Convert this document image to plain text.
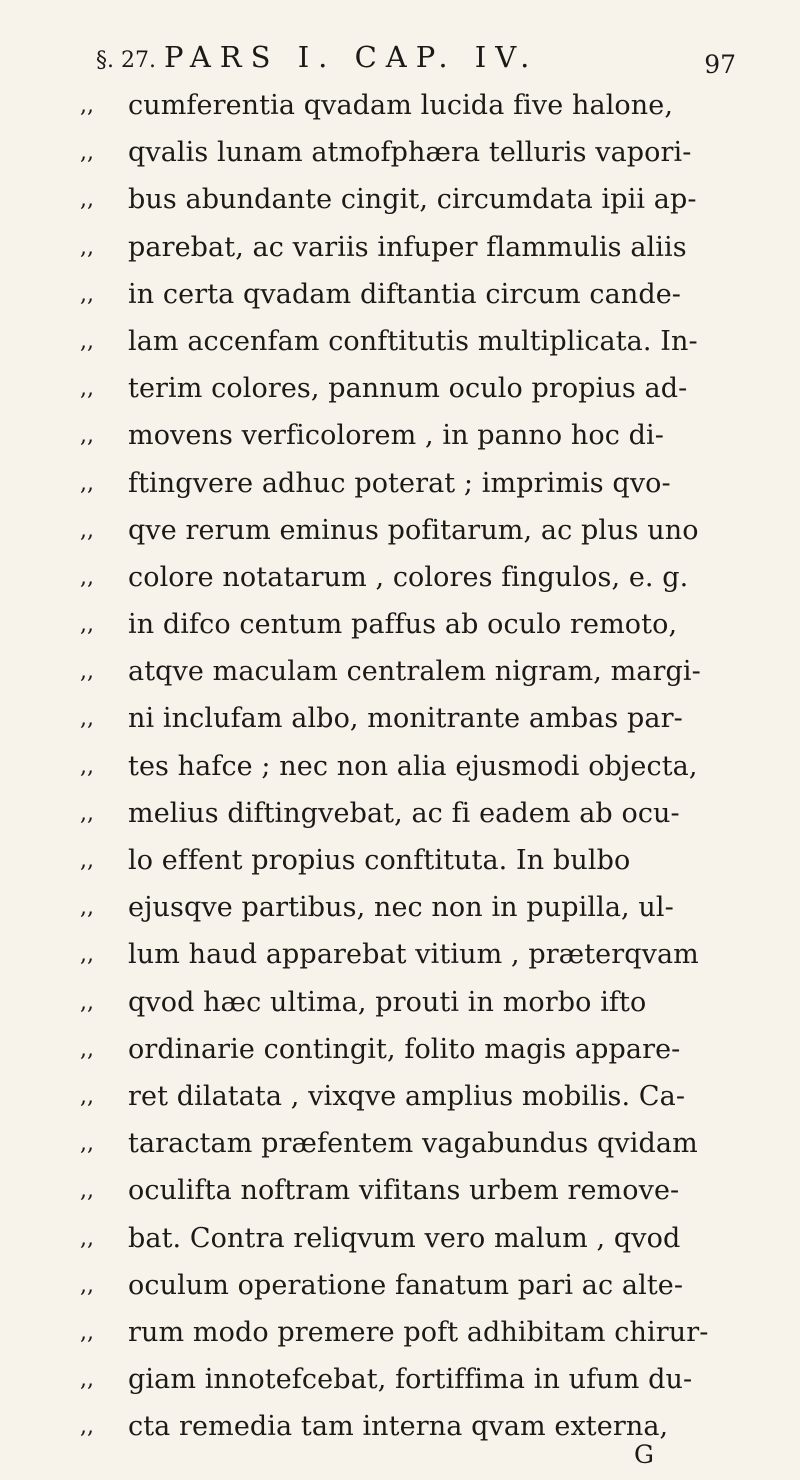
§. 27. PARS I. CAP. IV.	97
,, cumferentia qvadam lucida five halone,
,, qvalis lunam atmofphæra telluris vapori-
,, bus abundante cingit, circumdata ipii ap-
,, parebat, ac variis infuper flammulis aliis
,, in certa qvadam diftantia circum cande-
,, lam accenfam conftitutis multiplicata. In-
,, terim colores, pannum oculo propius ad-
,, movens verficolorem , in panno hoc di-
,, ftingvere adhuc poterat ; imprimis qvo-
,, qve rerum eminus pofitarum, ac plus uno
,, colore notatarum , colores fingulos, e. g.
,, in difco centum paffus ab oculo remoto,
,, atqve maculam centralem nigram, margi-
,, ni inclufam albo, monitrante ambas par-
,, tes hafce ; nec non alia ejusmodi objecta,
,, melius diftingvebat, ac fi eadem ab ocu-
,, lo effent propius conftituta. In bulbo
,, ejusqve partibus, nec non in pupilla, ul-
,, lum haud apparebat vitium , præterqvam
,, qvod hæc ultima, prouti in morbo ifto
,, ordinarie contingit, folito magis appare-
,, ret dilatata , vixqve amplius mobilis. Ca-
,, taractam præfentem vagabundus qvidam
,, oculifta noftram vifitans urbem remove-
,, bat. Contra reliqvum vero malum , qvod
,, oculum operatione fanatum pari ac alte-
,, rum modo premere poft adhibitam chirur-
,, giam innotefcebat, fortiffima in ufum du-
,, cta remedia tam interna qvam externa,
G
